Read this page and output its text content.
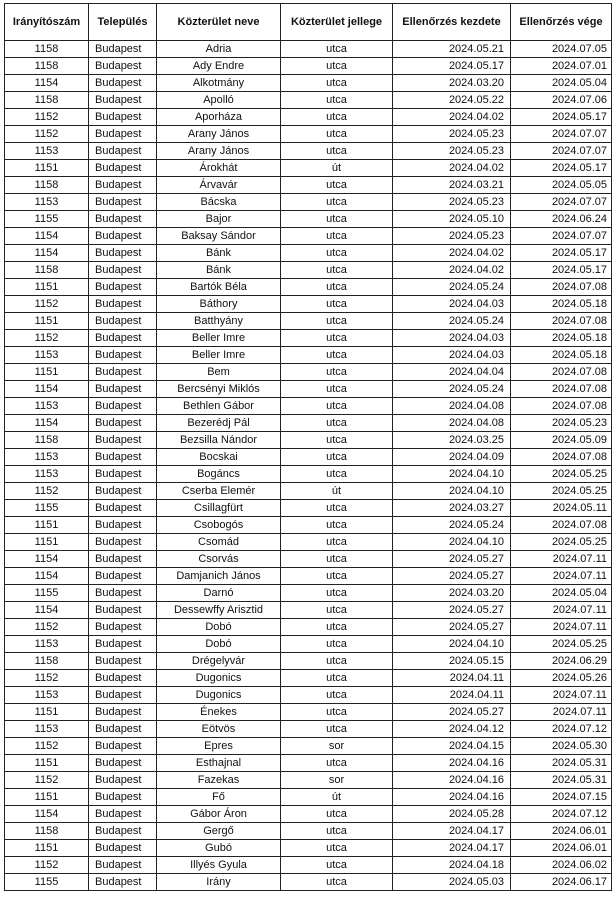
Irányítószám	Település	Közterület neve	Közterület jellege	Ellenőrzés kezdete	Ellenőrzés vége
1158	Budapest	Adria	utca	2024.05.21	2024.07.05
1158	Budapest	Ady Endre	utca	2024.05.17	2024.07.01
1154	Budapest	Alkotmány	utca	2024.03.20	2024.05.04
1158	Budapest	Apolló	utca	2024.05.22	2024.07.06
1152	Budapest	Aporháza	utca	2024.04.02	2024.05.17
1152	Budapest	Arany János	utca	2024.05.23	2024.07.07
1153	Budapest	Arany János	utca	2024.05.23	2024.07.07
1151	Budapest	Árokhát	út	2024.04.02	2024.05.17
1158	Budapest	Árvavár	utca	2024.03.21	2024.05.05
1153	Budapest	Bácska	utca	2024.05.23	2024.07.07
1155	Budapest	Bajor	utca	2024.05.10	2024.06.24
1154	Budapest	Baksay Sándor	utca	2024.05.23	2024.07.07
1154	Budapest	Bánk	utca	2024.04.02	2024.05.17
1158	Budapest	Bánk	utca	2024.04.02	2024.05.17
1151	Budapest	Bartók Béla	utca	2024.05.24	2024.07.08
1152	Budapest	Báthory	utca	2024.04.03	2024.05.18
1151	Budapest	Batthyány	utca	2024.05.24	2024.07.08
1152	Budapest	Beller Imre	utca	2024.04.03	2024.05.18
1153	Budapest	Beller Imre	utca	2024.04.03	2024.05.18
1151	Budapest	Bem	utca	2024.04.04	2024.07.08
1154	Budapest	Bercsényi Miklós	utca	2024.05.24	2024.07.08
1153	Budapest	Bethlen Gábor	utca	2024.04.08	2024.07.08
1154	Budapest	Bezerédj Pál	utca	2024.04.08	2024.05.23
1158	Budapest	Bezsilla Nándor	utca	2024.03.25	2024.05.09
1153	Budapest	Bocskai	utca	2024.04.09	2024.07.08
1153	Budapest	Bogáncs	utca	2024.04.10	2024.05.25
1152	Budapest	Cserba Elemér	út	2024.04.10	2024.05.25
1155	Budapest	Csillagfürt	utca	2024.03.27	2024.05.11
1151	Budapest	Csobogós	utca	2024.05.24	2024.07.08
1151	Budapest	Csomád	utca	2024.04.10	2024.05.25
1154	Budapest	Csorvás	utca	2024.05.27	2024.07.11
1154	Budapest	Damjanich János	utca	2024.05.27	2024.07.11
1155	Budapest	Darnó	utca	2024.03.20	2024.05.04
1154	Budapest	Dessewffy Arisztid	utca	2024.05.27	2024.07.11
1152	Budapest	Dobó	utca	2024.05.27	2024.07.11
1153	Budapest	Dobó	utca	2024.04.10	2024.05.25
1158	Budapest	Drégelyvár	utca	2024.05.15	2024.06.29
1152	Budapest	Dugonics	utca	2024.04.11	2024.05.26
1153	Budapest	Dugonics	utca	2024.04.11	2024.07.11
1151	Budapest	Énekes	utca	2024.05.27	2024.07.11
1153	Budapest	Eötvös	utca	2024.04.12	2024.07.12
1152	Budapest	Epres	sor	2024.04.15	2024.05.30
1151	Budapest	Esthajnal	utca	2024.04.16	2024.05.31
1152	Budapest	Fazekas	sor	2024.04.16	2024.05.31
1151	Budapest	Fő	út	2024.04.16	2024.07.15
1154	Budapest	Gábor Áron	utca	2024.05.28	2024.07.12
1158	Budapest	Gergő	utca	2024.04.17	2024.06.01
1151	Budapest	Gubó	utca	2024.04.17	2024.06.01
1152	Budapest	Illyés Gyula	utca	2024.04.18	2024.06.02
1155	Budapest	Irány	utca	2024.05.03	2024.06.17
